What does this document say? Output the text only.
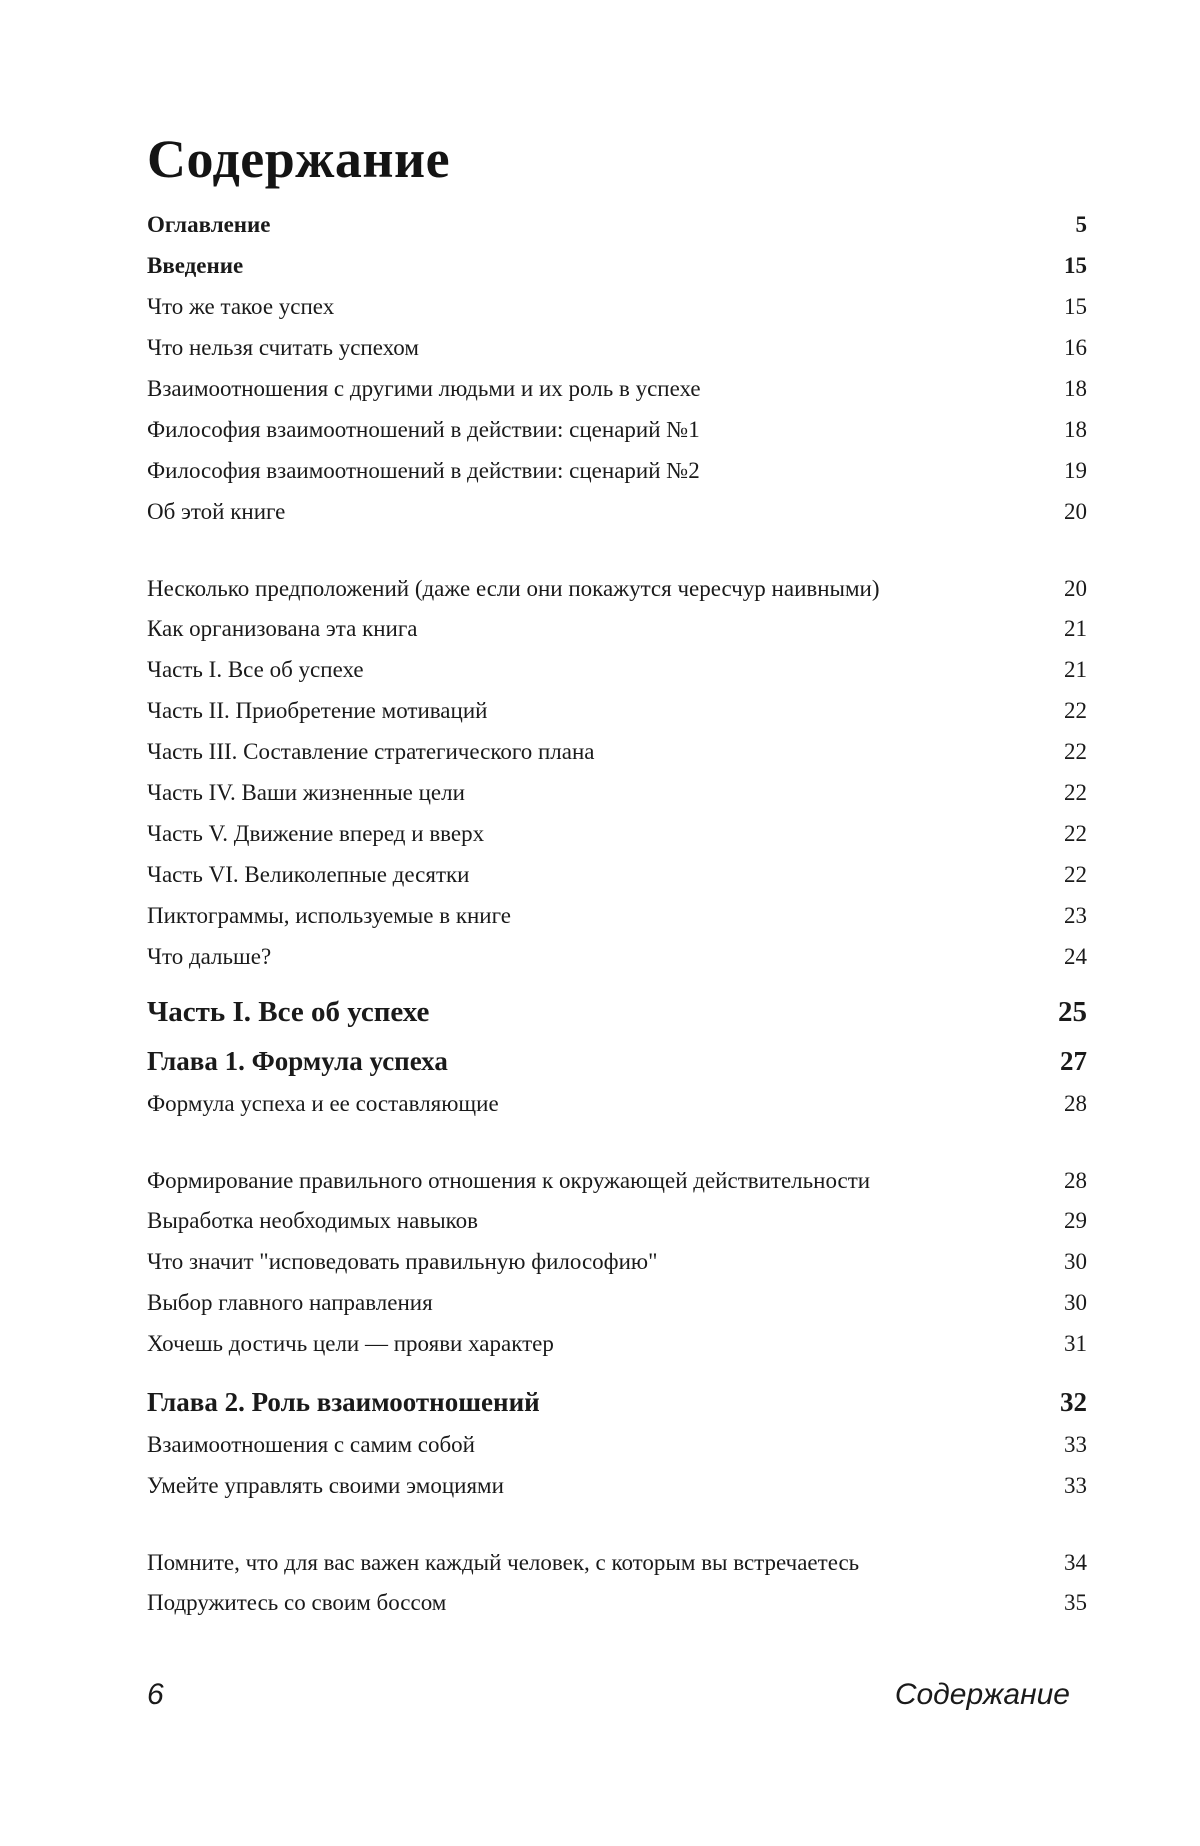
Содержание
Оглавление	5
Введение	15
Что же такое успех	15
Что нельзя считать успехом	16
Взаимоотношения с другими людьми и их роль в успехе	18
Философия взаимоотношений в действии: сценарий №1	18
Философия взаимоотношений в действии: сценарий №2	19
Об этой книге	20
Несколько предположений (даже если они покажутся чересчур наивными)	20
Как организована эта книга	21
Часть I. Все об успехе	21
Часть II. Приобретение мотиваций	22
Часть III. Составление стратегического плана	22
Часть IV. Ваши жизненные цели	22
Часть V. Движение вперед и вверх	22
Часть VI. Великолепные десятки	22
Пиктограммы, используемые в книге	23
Что дальше?	24
Часть I. Все об успехе	25
Глава 1. Формула успеха	27
Формула успеха и ее составляющие	28
Формирование правильного отношения к окружающей действительности	28
Выработка необходимых навыков	29
Что значит "исповедовать правильную философию"	30
Выбор главного направления	30
Хочешь достичь цели — прояви характер	31
Глава 2. Роль взаимоотношений	32
Взаимоотношения с самим собой	33
Умейте управлять своими эмоциями	33
Помните, что для вас важен каждый человек, с которым вы встречаетесь	34
Подружитесь со своим боссом	35
6	Содержание
